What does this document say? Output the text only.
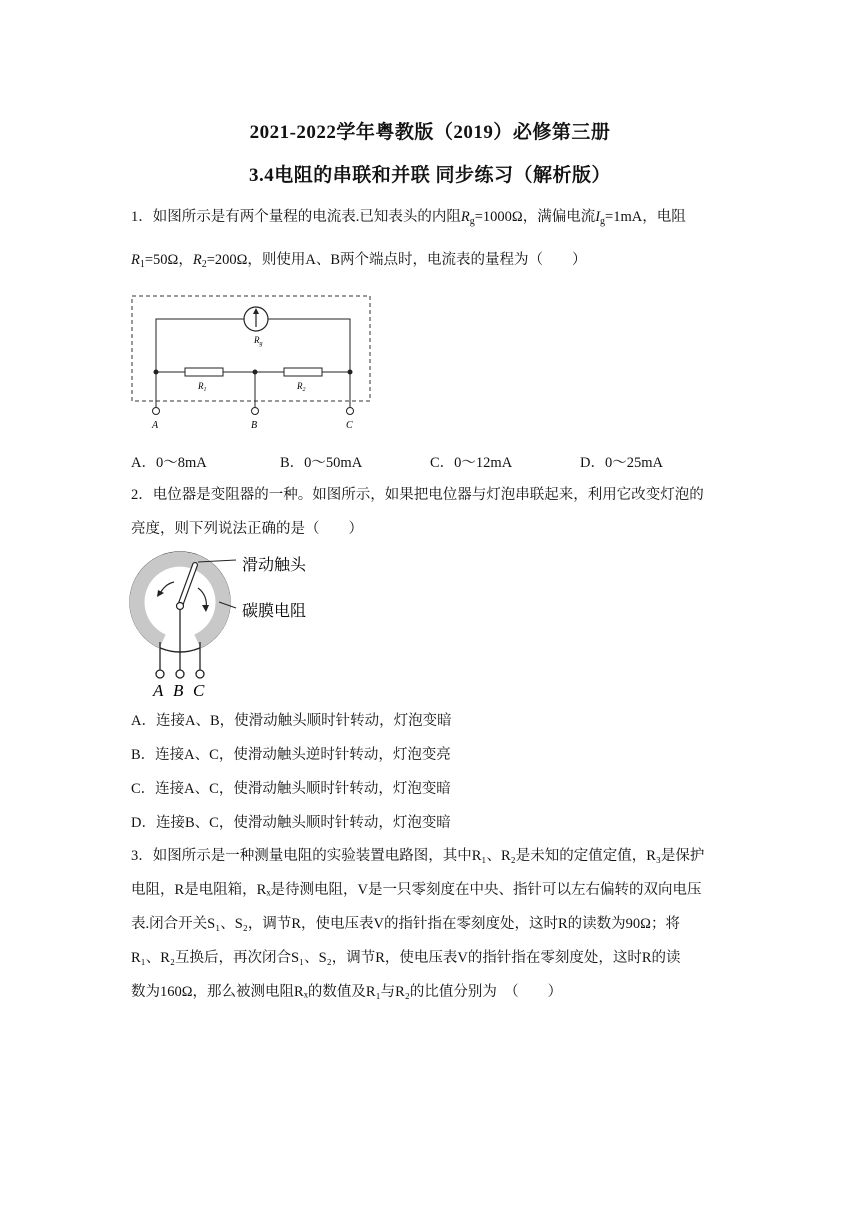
2021-2022学年粤教版（2019）必修第三册
3.4电阻的串联和并联 同步练习（解析版）
1．如图所示是有两个量程的电流表.已知表头的内阻$R_g=1000\Omega$，满偏电流$I_g=1mA$，电阻
$R_1=50\Omega$，$R_2=200\Omega$，则使用A、B两个端点时，电流表的量程为（　　）
$R_g$
$R_1$	$R_2$
A	B	C
A．0～8mA	B．0～50mA	C．0～12mA	D．0～25mA
2．电位器是变阻器的一种。如图所示，如果把电位器与灯泡串联起来，利用它改变灯泡的
亮度，则下列说法正确的是（　　）
滑动触头
碳膜电阻
A B C
A．连接A、B，使滑动触头顺时针转动，灯泡变暗
B．连接A、C，使滑动触头逆时针转动，灯泡变亮
C．连接A、C，使滑动触头顺时针转动，灯泡变暗
D．连接B、C，使滑动触头顺时针转动，灯泡变暗
3．如图所示是一种测量电阻的实验装置电路图，其中R₁、R₂是未知的定值定值，R₃是保护
电阻，R是电阻箱，Rₓ是待测电阻，V是一只零刻度在中央、指针可以左右偏转的双向电压
表.闭合开关S₁、S₂，调节R，使电压表V的指针指在零刻度处，这时R的读数为90Ω；将
R₁、R₂互换后，再次闭合S₁、S₂，调节R，使电压表V的指针指在零刻度处，这时R的读
数为160Ω，那么被测电阻Rₓ的数值及R₁与R₂的比值分别为　（　　）
